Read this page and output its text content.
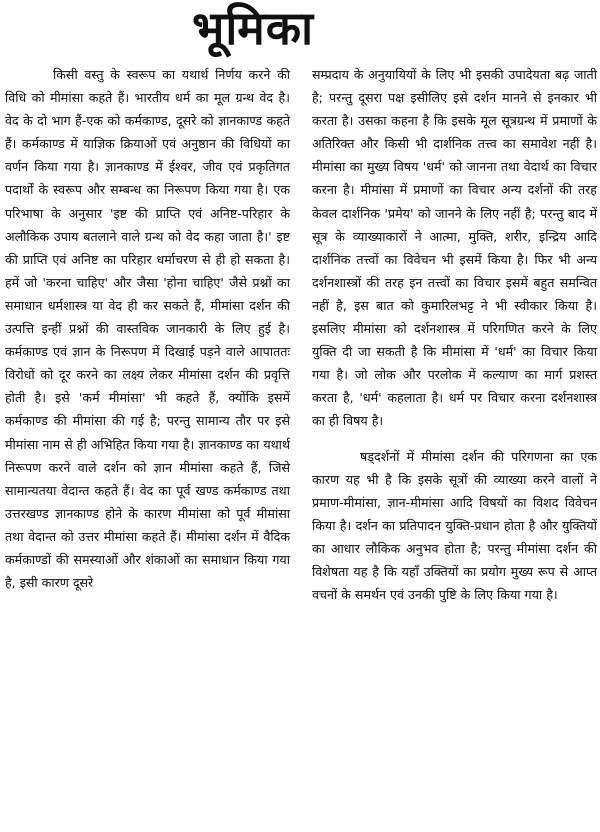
भूमिका

किसी वस्तु के स्वरूप का यथार्थ निर्णय करने की विधि को मीमांसा कहते हैं। भारतीय धर्म का मूल ग्रन्थ वेद है। वेद के दो भाग हैं-एक को कर्मकाण्ड, दूसरे को ज्ञानकाण्ड कहते हैं। कर्मकाण्ड में याज्ञिक क्रियाओं एवं अनुष्ठान की विधियों का वर्णन किया गया है। ज्ञानकाण्ड में ईश्वर, जीव एवं प्रकृतिगत पदार्थों के स्वरूप और सम्बन्ध का निरूपण किया गया है। एक परिभाषा के अनुसार 'इष्ट की प्राप्ति एवं अनिष्ट-परिहार के अलौकिक उपाय बतलाने वाले ग्रन्थ को वेद कहा जाता है।' इष्ट की प्राप्ति एवं अनिष्ट का परिहार धर्माचरण से ही हो सकता है। हमें जो 'करना चाहिए' और जैसा 'होना चाहिए' जैसे प्रश्नों का समाधान धर्मशास्त्र या वेद ही कर सकते हैं, मीमांसा दर्शन की उत्पत्ति इन्हीं प्रश्नों की वास्तविक जानकारी के लिए हुई है। कर्मकाण्ड एवं ज्ञान के निरूपण में दिखाई पड़ने वाले आपाततः विरोधों को दूर करने का लक्ष्य लेकर मीमांसा दर्शन की प्रवृत्ति होती है। इसे 'कर्म मीमांसा' भी कहते हैं, क्योंकि इसमें कर्मकाण्ड की मीमांसा की गई है; परन्तु सामान्य तौर पर इसे मीमांसा नाम से ही अभिहित किया गया है। ज्ञानकाण्ड का यथार्थ निरूपण करने वाले दर्शन को ज्ञान मीमांसा कहते हैं, जिसे सामान्यतया वेदान्त कहते हैं। वेद का पूर्व खण्ड कर्मकाण्ड तथा उत्तरखण्ड ज्ञानकाण्ड होने के कारण मीमांसा को पूर्व मीमांसा तथा वेदान्त को उत्तर मीमांसा कहते हैं। मीमांसा दर्शन में वैदिक कर्मकाण्डों की समस्याओं और शंकाओं का समाधान किया गया है, इसी कारण दूसरे

सम्प्रदाय के अनुयायियों के लिए भी इसकी उपादेयता बढ़ जाती है; परन्तु दूसरा पक्ष इसीलिए इसे दर्शन मानने से इनकार भी करता है। उसका कहना है कि इसके मूल सूत्रग्रन्थ में प्रमाणों के अतिरिक्त और किसी भी दार्शनिक तत्त्व का समावेश नहीं है। मीमांसा का मुख्य विषय 'धर्म' को जानना तथा वेदार्थ का विचार करना है। मीमांसा में प्रमाणों का विचार अन्य दर्शनों की तरह केवल दार्शनिक 'प्रमेय' को जानने के लिए नहीं है; परन्तु बाद में सूत्र के व्याख्याकारों ने आत्मा, मुक्ति, शरीर, इन्द्रिय आदि दार्शनिक तत्त्वों का विवेचन भी इसमें किया है। फिर भी अन्य दर्शनशास्त्रों की तरह इन तत्त्वों का विचार इसमें बहुत समन्वित नहीं है, इस बात को कुमारिलभट्ट ने भी स्वीकार किया है। इसलिए मीमांसा को दर्शनशास्त्र में परिगणित करने के लिए युक्ति दी जा सकती है कि मीमांसा में 'धर्म' का विचार किया गया है। जो लोक और परलोक में कल्याण का मार्ग प्रशस्त करता है, 'धर्म' कहलाता है। धर्म पर विचार करना दर्शनशास्त्र का ही विषय है।

षड्दर्शनों में मीमांसा दर्शन की परिगणना का एक कारण यह भी है कि इसके सूत्रों की व्याख्या करने वालों ने प्रमाण-मीमांसा, ज्ञान-मीमांसा आदि विषयों का विशद विवेचन किया है। दर्शन का प्रतिपादन युक्ति-प्रधान होता है और युक्तियों का आधार लौकिक अनुभव होता है; परन्तु मीमांसा दर्शन की विशेषता यह है कि यहाँ उक्तियों का प्रयोग मुख्य रूप से आप्त वचनों के समर्थन एवं उनकी पुष्टि के लिए किया गया है।
